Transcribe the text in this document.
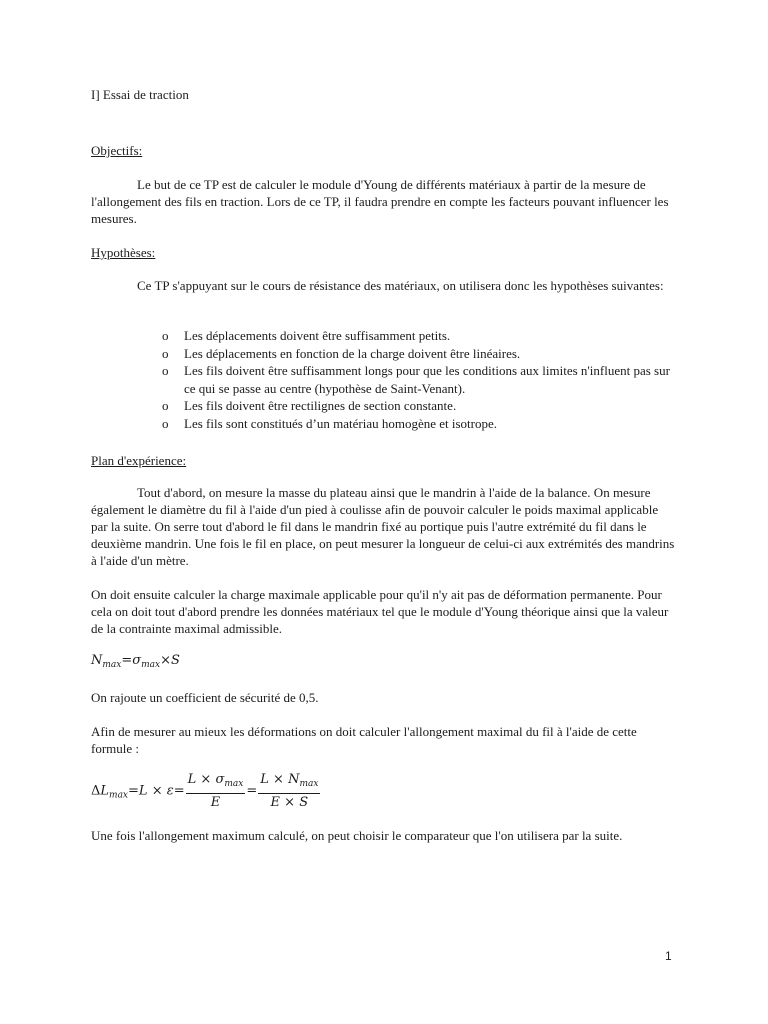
I] Essai de traction

Objectifs:

Le but de ce TP est de calculer le module d'Young de différents matériaux à partir de la mesure de l'allongement des fils en traction. Lors de ce TP, il faudra prendre en compte les facteurs pouvant influencer les mesures.

Hypothèses:

Ce TP s'appuyant sur le cours de résistance des matériaux, on utilisera donc les hypothèses suivantes:

o Les déplacements doivent être suffisamment petits.
o Les déplacements en fonction de la charge doivent être linéaires.
o Les fils doivent être suffisamment longs pour que les conditions aux limites n'influent pas sur ce qui se passe au centre (hypothèse de Saint-Venant).
o Les fils doivent être rectilignes de section constante.
o Les fils sont constitués d’un matériau homogène et isotrope.

Plan d'expérience:

Tout d'abord, on mesure la masse du plateau ainsi que le mandrin à l'aide de la balance. On mesure également le diamètre du fil à l'aide d'un pied à coulisse afin de pouvoir calculer le poids maximal applicable par la suite. On serre tout d'abord le fil dans le mandrin fixé au portique puis l'autre extrémité du fil dans le deuxième mandrin. Une fois le fil en place, on peut mesurer la longueur de celui-ci aux extrémités des mandrins à l'aide d'un mètre.

On doit ensuite calculer la charge maximale applicable pour qu'il n'y ait pas de déformation permanente. Pour cela on doit tout d'abord prendre les données matériaux tel que le module d'Young théorique ainsi que la valeur de la contrainte maximal admissible.

$N_{max}=\sigma_{max}\times S$

On rajoute un coefficient de sécurité de 0,5.

Afin de mesurer au mieux les déformations on doit calculer l'allongement maximal du fil à l'aide de cette formule :

$\Delta L_{max}=L \times \varepsilon= \frac{L \times \sigma_{max}}{E} = \frac{L \times N_{max}}{E \times S}$

Une fois l'allongement maximum calculé, on peut choisir le comparateur que l'on utilisera par la suite.

1
